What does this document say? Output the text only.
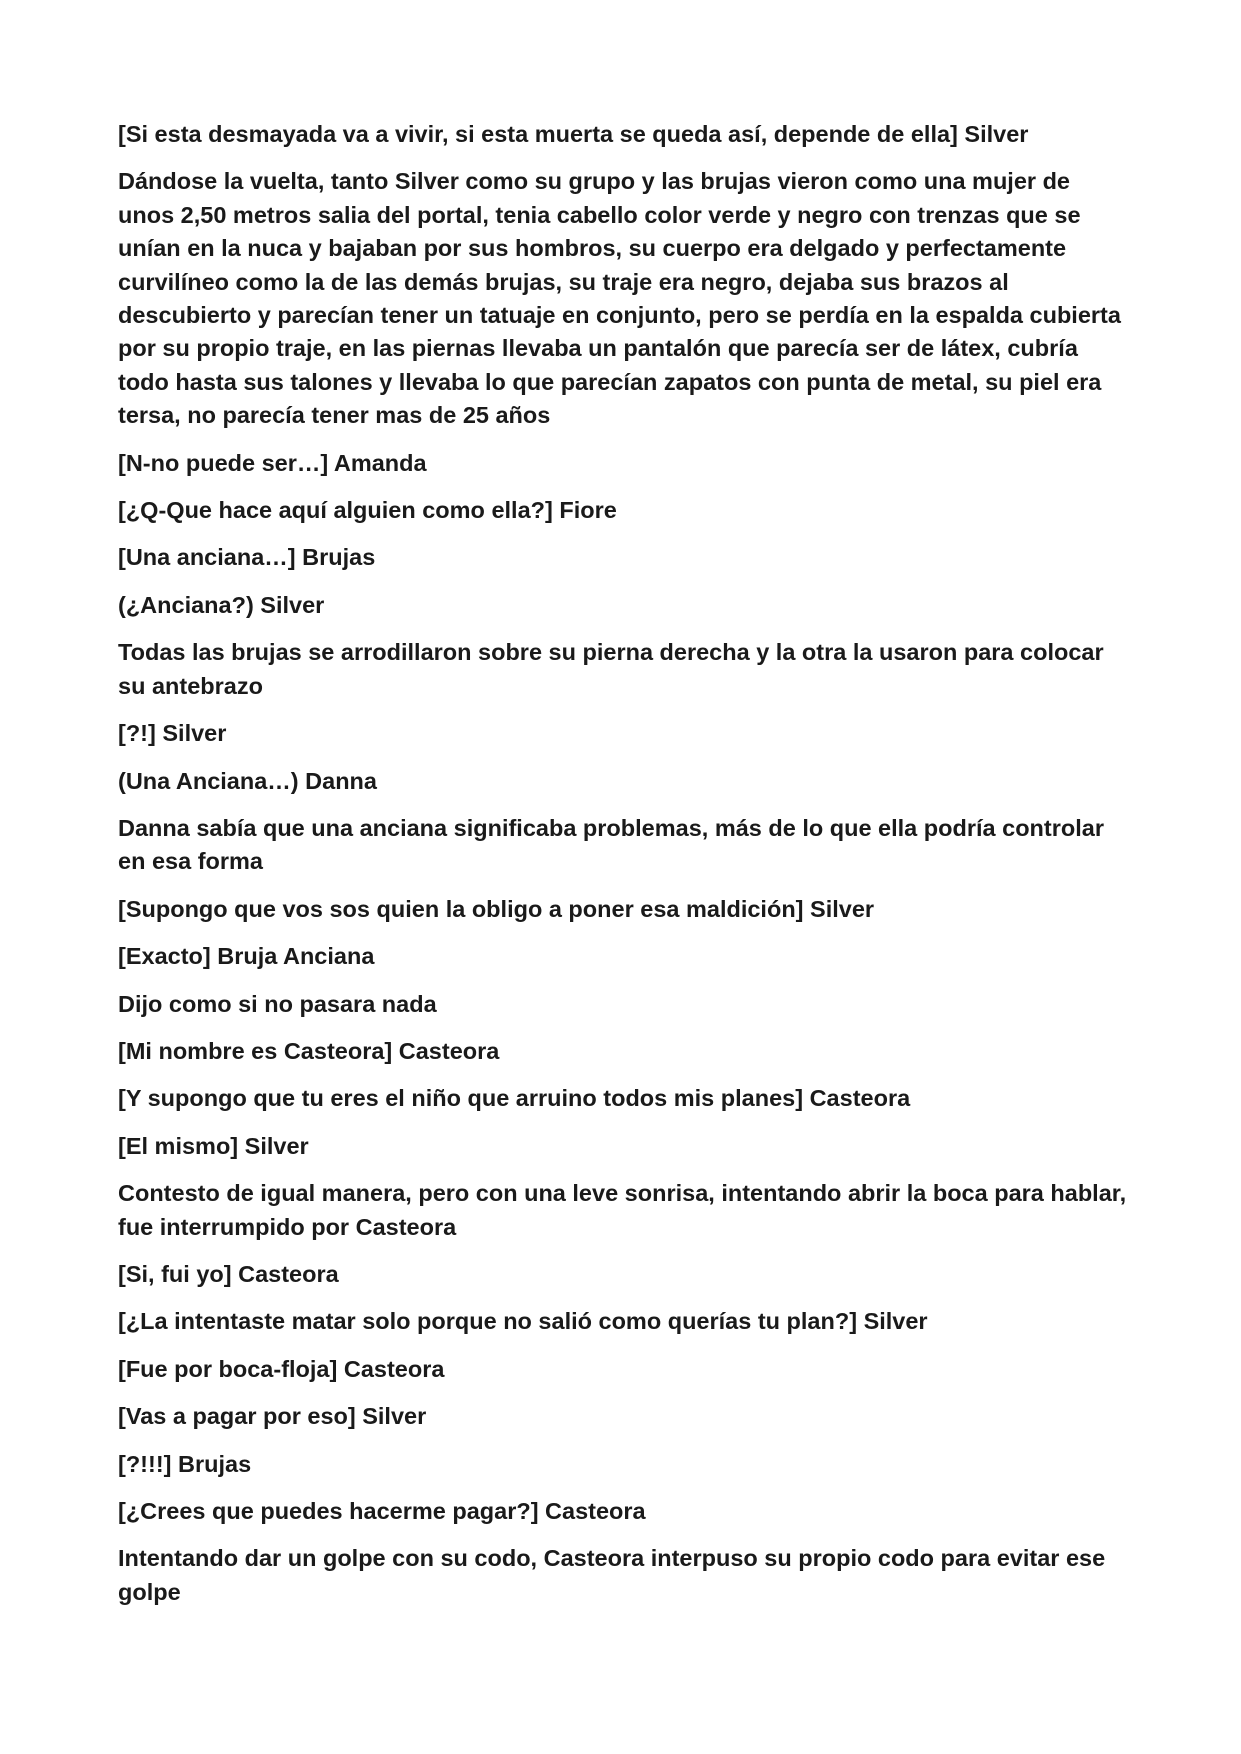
[Si esta desmayada va a vivir, si esta muerta se queda así, depende de ella] Silver

Dándose la vuelta, tanto Silver como su grupo y las brujas vieron como una mujer de unos 2,50 metros salia del portal, tenia cabello color verde y negro con trenzas que se unían en la nuca y bajaban por sus hombros, su cuerpo era delgado y perfectamente curvilíneo como la de las demás brujas, su traje era negro, dejaba sus brazos al descubierto y parecían tener un tatuaje en conjunto, pero se perdía en la espalda cubierta por su propio traje, en las piernas llevaba un pantalón que parecía ser de látex, cubría todo hasta sus talones y llevaba lo que parecían zapatos con punta de metal, su piel era tersa, no parecía tener mas de 25 años

[N-no puede ser…] Amanda

[¿Q-Que hace aquí alguien como ella?] Fiore

[Una anciana…] Brujas

(¿Anciana?) Silver

Todas las brujas se arrodillaron sobre su pierna derecha y la otra la usaron para colocar su antebrazo

[?!] Silver

(Una Anciana…) Danna

Danna sabía que una anciana significaba problemas, más de lo que ella podría controlar en esa forma

[Supongo que vos sos quien la obligo a poner esa maldición] Silver

[Exacto] Bruja Anciana

Dijo como si no pasara nada

[Mi nombre es Casteora] Casteora

[Y supongo que tu eres el niño que arruino todos mis planes] Casteora

[El mismo] Silver

Contesto de igual manera, pero con una leve sonrisa, intentando abrir la boca para hablar, fue interrumpido por Casteora

[Si, fui yo] Casteora

[¿La intentaste matar solo porque no salió como querías tu plan?] Silver

[Fue por boca-floja] Casteora

[Vas a pagar por eso] Silver

[?!!!] Brujas

[¿Crees que puedes hacerme pagar?] Casteora

Intentando dar un golpe con su codo, Casteora interpuso su propio codo para evitar ese golpe
